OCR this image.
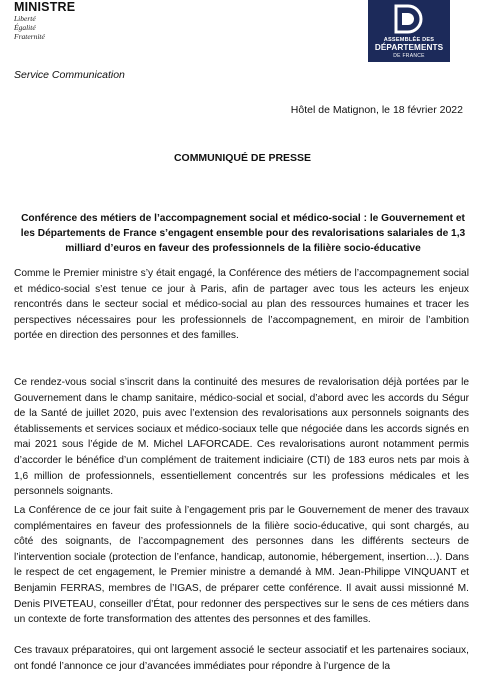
MINISTRE
Liberté
Égalité
Fraternité	ASSEMBLÉE DES
DÉPARTEMENTS
DE FRANCE
Service Communication
Hôtel de Matignon, le 18 février 2022
COMMUNIQUÉ DE PRESSE
Conférence des métiers de l’accompagnement social et médico-social : le Gouvernement et les Départements de France s’engagent ensemble pour des revalorisations salariales de 1,3 milliard d’euros en faveur des professionnels de la filière socio-éducative

Comme le Premier ministre s’y était engagé, la Conférence des métiers de l’accompagnement social et médico-social s’est tenue ce jour à Paris, afin de partager avec tous les acteurs les enjeux rencontrés dans le secteur social et médico-social au plan des ressources humaines et tracer les perspectives nécessaires pour les professionnels de l’accompagnement, en miroir de l’ambition portée en direction des personnes et des familles.

Ce rendez-vous social s’inscrit dans la continuité des mesures de revalorisation déjà portées par le Gouvernement dans le champ sanitaire, médico-social et social, d’abord avec les accords du Ségur de la Santé de juillet 2020, puis avec l’extension des revalorisations aux personnels soignants des établissements et services sociaux et médico-sociaux telle que négociée dans les accords signés en mai 2021 sous l’égide de M. Michel LAFORCADE. Ces revalorisations auront notamment permis d’accorder le bénéfice d’un complément de traitement indiciaire (CTI) de 183 euros nets par mois à 1,6 million de professionnels, essentiellement concentrés sur les professions médicales et les personnels soignants.

La Conférence de ce jour fait suite à l’engagement pris par le Gouvernement de mener des travaux complémentaires en faveur des professionnels de la filière socio-éducative, qui sont chargés, au côté des soignants, de l’accompagnement des personnes dans les différents secteurs de l’intervention sociale (protection de l’enfance, handicap, autonomie, hébergement, insertion…). Dans le respect de cet engagement, le Premier ministre a demandé à MM. Jean-Philippe VINQUANT et Benjamin FERRAS, membres de l’IGAS, de préparer cette conférence. Il avait aussi missionné M. Denis PIVETEAU, conseiller d’État, pour redonner des perspectives sur le sens de ces métiers dans un contexte de forte transformation des attentes des personnes et des familles.

Ces travaux préparatoires, qui ont largement associé le secteur associatif et les partenaires sociaux, ont fondé l’annonce ce jour d’avancées immédiates pour répondre à l’urgence de la
